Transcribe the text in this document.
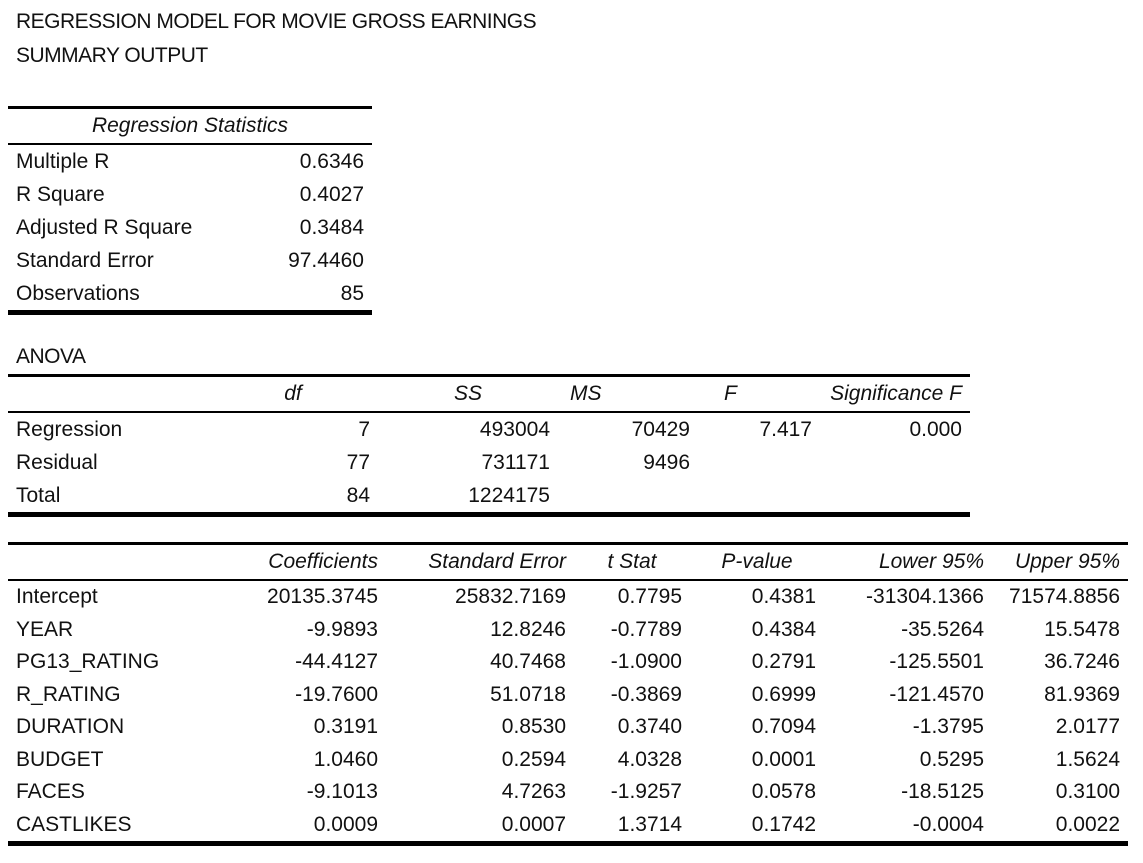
REGRESSION MODEL FOR MOVIE GROSS EARNINGS
SUMMARY OUTPUT
Regression Statistics	
Multiple R	0.6346
R Square	0.4027
Adjusted R Square	0.3484
Standard Error	97.4460
Observations	85
ANOVA
	df	SS	MS	F	Significance F
Regression	7	493004	70429	7.417	0.000
Residual	77	731171	9496		
Total	84	1224175			
	Coefficients	Standard Error	t Stat	P-value	Lower 95%	Upper 95%
Intercept	20135.3745	25832.7169	0.7795	0.4381	-31304.1366	71574.8856
YEAR	-9.9893	12.8246	-0.7789	0.4384	-35.5264	15.5478
PG13_RATING	-44.4127	40.7468	-1.0900	0.2791	-125.5501	36.7246
R_RATING	-19.7600	51.0718	-0.3869	0.6999	-121.4570	81.9369
DURATION	0.3191	0.8530	0.3740	0.7094	-1.3795	2.0177
BUDGET	1.0460	0.2594	4.0328	0.0001	0.5295	1.5624
FACES	-9.1013	4.7263	-1.9257	0.0578	-18.5125	0.3100
CASTLIKES	0.0009	0.0007	1.3714	0.1742	-0.0004	0.0022
